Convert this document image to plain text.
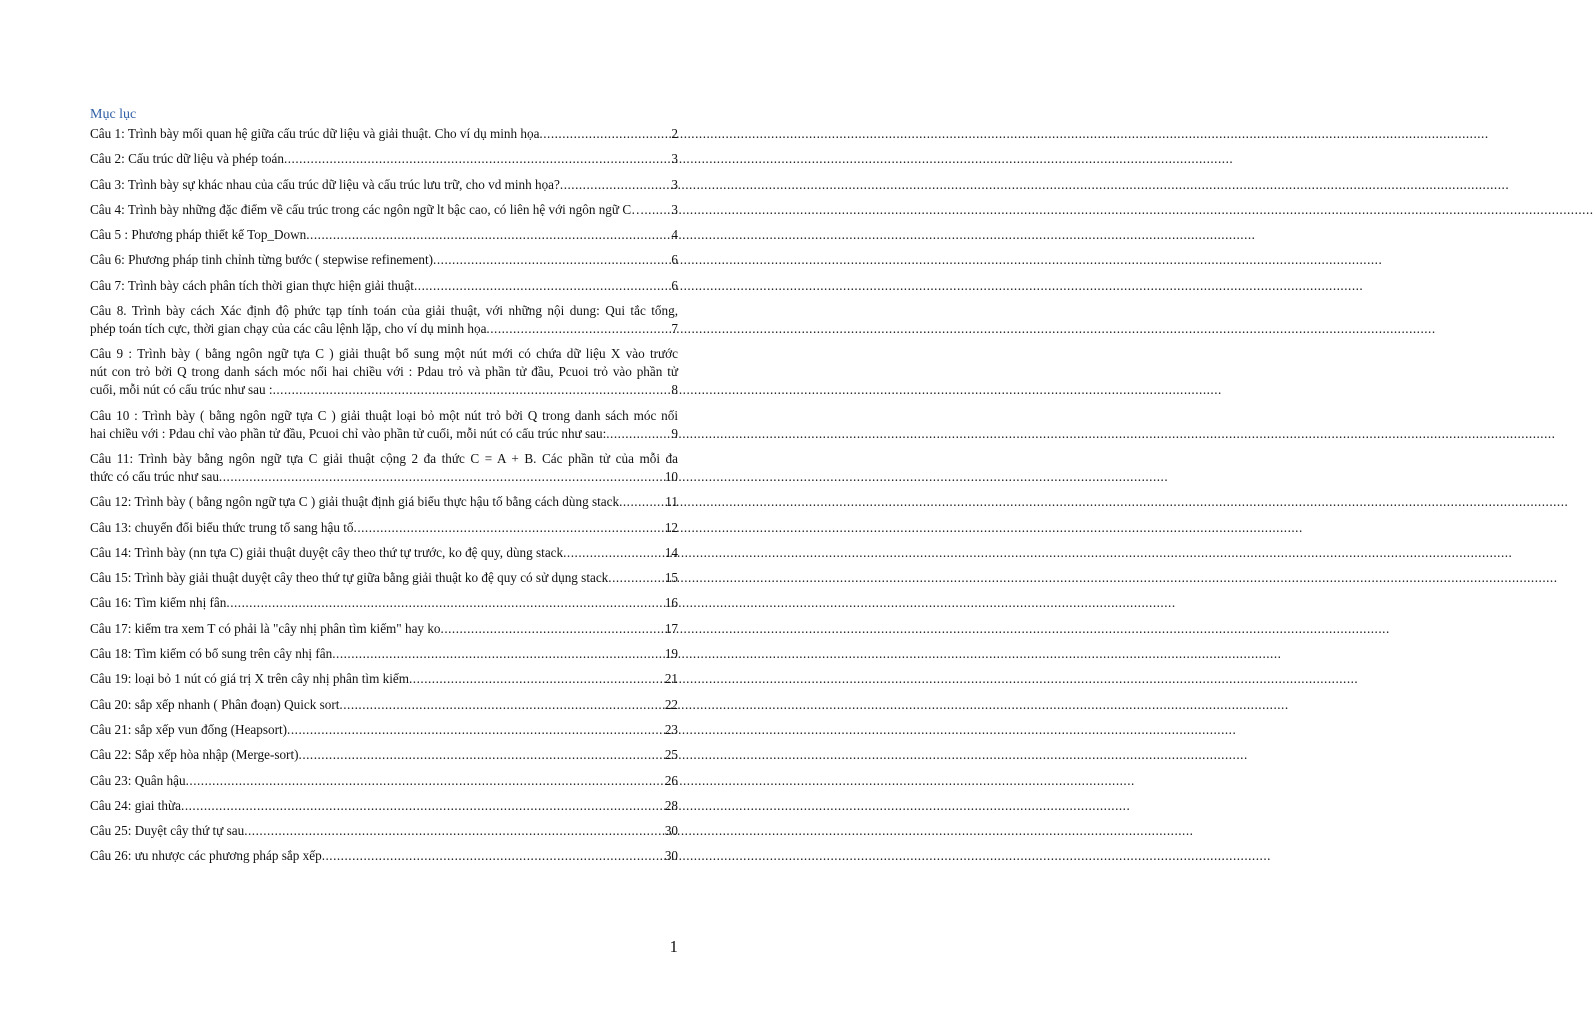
Mục lục
Câu 1: Trình bày mối quan hệ giữa cấu trúc dữ liệu và giải thuật. Cho ví dụ minh họa .....	2
Câu 2: Cấu trúc dữ liệu và phép toán .....	3
Câu 3: Trình bày sự khác nhau của cấu trúc dữ liệu và cấu trúc lưu trữ, cho vd minh họa? .....	3
Câu 4: Trình bày những đặc điểm về cấu trúc trong các ngôn ngữ lt bậc cao, có liên hệ với ngôn ngữ C… ..... 3
Câu 5 : Phương pháp thiết kế Top_Down .....	4
Câu 6: Phương pháp tinh chỉnh từng bước ( stepwise refinement) .....	6
Câu 7: Trình bày cách phân tích thời gian thực hiện giải thuật .....	6
Câu 8. Trình bày cách Xác định độ phức tạp tính toán của giải thuật, với những nội dung: Qui tắc tổng,
phép toán tích cực, thời gian chạy của các câu lệnh lặp, cho ví dụ minh họa .....	7
Câu 9 : Trình bày ( bằng ngôn ngữ tựa C ) giải thuật bổ sung một nút mới có chứa dữ liệu X vào trước
nút con trỏ bởi Q trong danh sách móc nối hai chiều với : Pdau trỏ và phần tử đầu, Pcuoi trỏ vào phần tử
cuối, mỗi nút có cấu trúc như sau : .....	8
Câu 10 : Trình bày ( bằng ngôn ngữ tựa C ) giải thuật loại bỏ một nút trỏ bởi Q trong danh sách móc nối
hai chiều với : Pdau chỉ vào phần tử đầu, Pcuoi chỉ vào phần tử cuối, mỗi nút có cấu trúc như sau: .....	9
Câu 11: Trình bày bằng ngôn ngữ tựa C giải thuật cộng 2 đa thức C = A + B. Các phần tử của mỗi đa
thức có cấu trúc như sau .....	10
Câu 12: Trình bày ( bằng ngôn ngữ tựa C ) giải thuật định giá biểu thực hậu tố bằng cách dùng stack .....	11
Câu 13: chuyển đổi biểu thức trung tố sang hậu tố .....	12
Câu 14: Trình bày (nn tựa C) giải thuật duyệt cây theo thứ tự trước, ko đệ quy, dùng stack .....	14
Câu 15: Trình bày giải thuật duyệt cây theo thứ tự giữa bằng giải thuật ko đệ quy có sử dụng stack .....	15
Câu 16: Tìm kiếm nhị fân .....	16
Câu 17: kiểm tra xem T có phải là "cây nhị phân tìm kiếm" hay ko .....	17
Câu 18: Tìm kiếm có bổ sung trên cây nhị fân .....	19
Câu 19: loại bỏ 1 nút có giá trị X trên cây nhị phân tìm kiếm .....	21
Câu 20: sắp xếp nhanh ( Phân đoạn) Quick sort .....	22
Câu 21: sắp xếp vun đống (Heapsort) .....	23
Câu 22: Sắp xếp hòa nhập (Merge-sort) .....	25
Câu 23: Quân hậu .....	26
Câu 24: giai thừa .....	28
Câu 25: Duyệt cây thứ tự sau .....	30
Câu 26: ưu nhược các phương pháp sắp xếp .....	30
1
